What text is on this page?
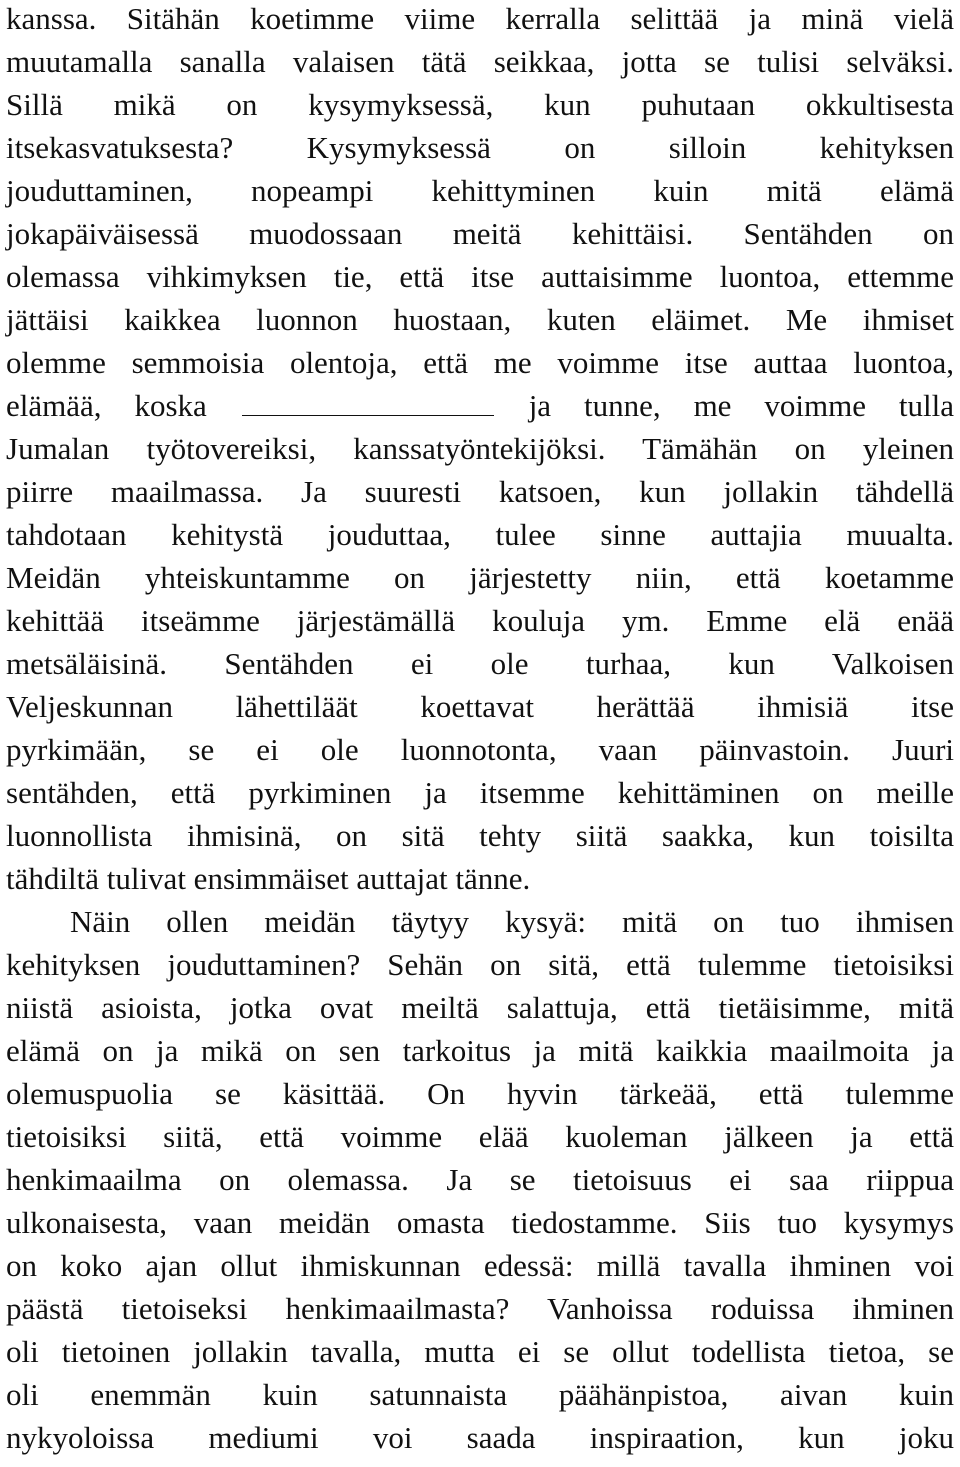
kanssa. Sitähän koetimme viime kerralla selittää ja minä vielä
muutamalla sanalla valaisen tätä seikkaa, jotta se tulisi selväksi.
Sillä mikä on kysymyksessä, kun puhutaan okkultisesta
itsekasvatuksesta? Kysymyksessä on silloin kehityksen
jouduttaminen, nopeampi kehittyminen kuin mitä elämä
jokapäiväisessä muodossaan meitä kehittäisi. Sentähden on
olemassa vihkimyksen tie, että itse auttaisimme luontoa, ettemme
jättäisi kaikkea luonnon huostaan, kuten eläimet. Me ihmiset
olemme semmoisia olentoja, että me voimme itse auttaa luontoa,
elämää, koska	ja tunne, me voimme tulla
Jumalan työtovereiksi, kanssatyöntekijöksi. Tämähän on yleinen
piirre maailmassa. Ja suuresti katsoen, kun jollakin tähdellä
tahdotaan kehitystä jouduttaa, tulee sinne auttajia muualta.
Meidän yhteiskuntamme on järjestetty niin, että koetamme
kehittää itseämme järjestämällä kouluja ym. Emme elä enää
metsäläisinä. Sentähden ei ole turhaa, kun Valkoisen
Veljeskunnan lähettiläät koettavat herättää ihmisiä itse
pyrkimään, se ei ole luonnotonta, vaan päinvastoin. Juuri
sentähden, että pyrkiminen ja itsemme kehittäminen on meille
luonnollista ihmisinä, on sitä tehty siitä saakka, kun toisilta
tähdiltä tulivat ensimmäiset auttajat tänne.
Näin ollen meidän täytyy kysyä: mitä on tuo ihmisen
kehityksen jouduttaminen? Sehän on sitä, että tulemme tietoisiksi
niistä asioista, jotka ovat meiltä salattuja, että tietäisimme, mitä
elämä on ja mikä on sen tarkoitus ja mitä kaikkia maailmoita ja
olemuspuolia se käsittää. On hyvin tärkeää, että tulemme
tietoisiksi siitä, että voimme elää kuoleman jälkeen ja että
henkimaailma on olemassa. Ja se tietoisuus ei saa riippua
ulkonaisesta, vaan meidän omasta tiedostamme. Siis tuo kysymys
on koko ajan ollut ihmiskunnan edessä: millä tavalla ihminen voi
päästä tietoiseksi henkimaailmasta? Vanhoissa roduissa ihminen
oli tietoinen jollakin tavalla, mutta ei se ollut todellista tietoa, se
oli enemmän kuin satunnaista päähänpistoa, aivan kuin
nykyoloissa mediumi voi saada inspiraation, kun joku
